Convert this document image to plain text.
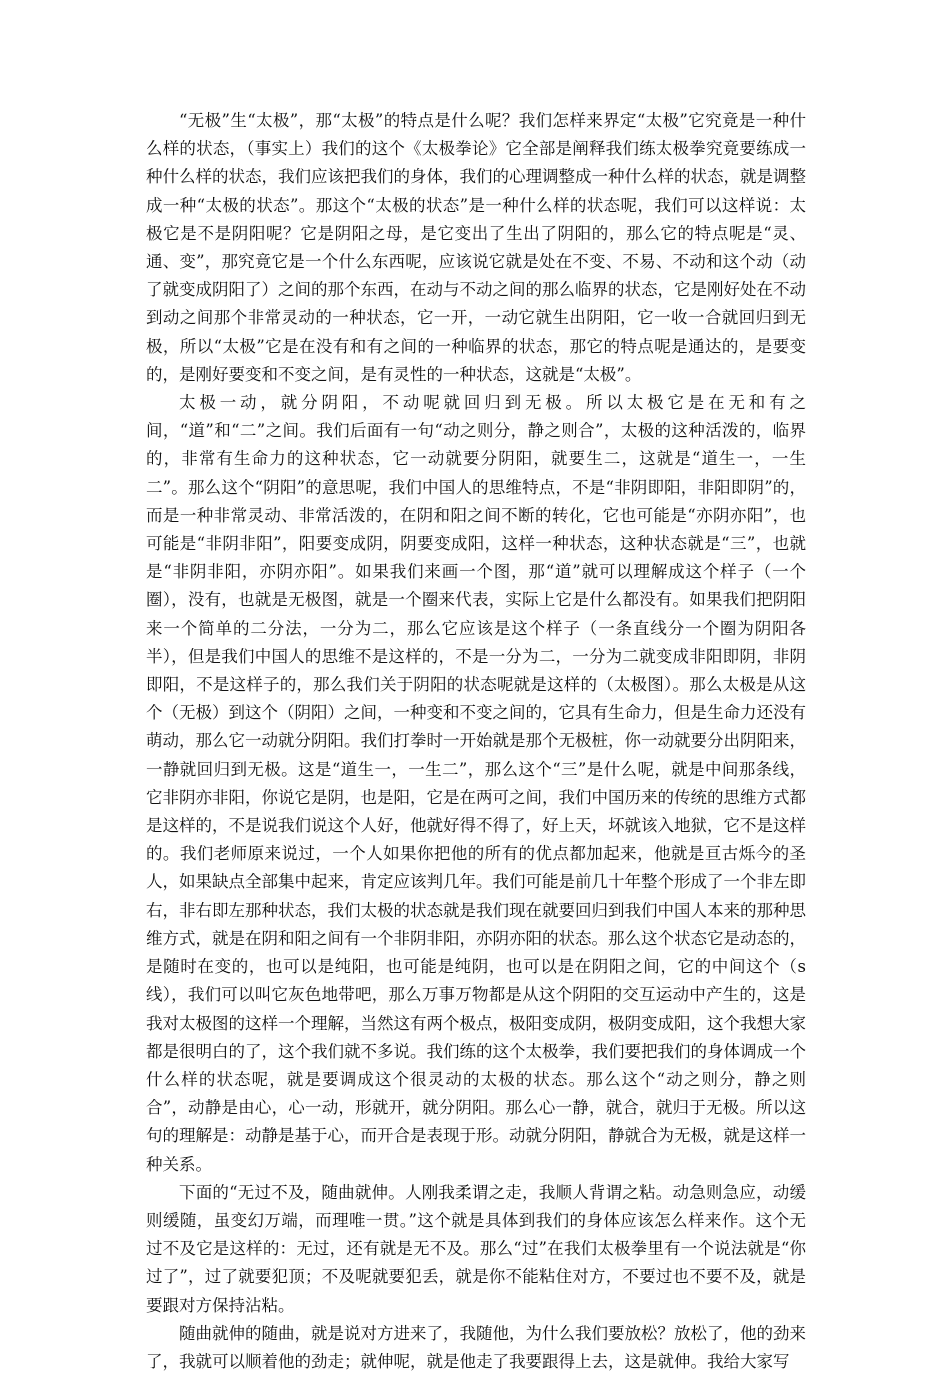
“无极”生“太极”，那“太极”的特点是什么呢？我们怎样来界定“太极”它究竟是一种什么样的状态，（事实上）我们的这个《太极拳论》它全部是阐释我们练太极拳究竟要练成一种什么样的状态，我们应该把我们的身体，我们的心理调整成一种什么样的状态，就是调整成一种“太极的状态”。那这个“太极的状态”是一种什么样的状态呢，我们可以这样说：太极它是不是阴阳呢？它是阴阳之母，是它变出了生出了阴阳的，那么它的特点呢是“灵、通、变”，那究竟它是一个什么东西呢，应该说它就是处在不变、不易、不动和这个动（动了就变成阴阳了）之间的那个东西，在动与不动之间的那么临界的状态，它是刚好处在不动到动之间那个非常灵动的一种状态，它一开，一动它就生出阴阳，它一收一合就回归到无极，所以“太极”它是在没有和有之间的一种临界的状态，那它的特点呢是通达的，是要变的，是刚好要变和不变之间，是有灵性的一种状态，这就是“太极”。

太极一动，就分阴阳，不动呢就回归到无极。所以太极它是在无和有之间，“道”和“二”之间。我们后面有一句“动之则分，静之则合”，太极的这种活泼的，临界的，非常有生命力的这种状态，它一动就要分阴阳，就要生二，这就是“道生一，一生二”。那么这个“阴阳”的意思呢，我们中国人的思维特点，不是“非阴即阳，非阳即阴”的，而是一种非常灵动、非常活泼的，在阴和阳之间不断的转化，它也可能是“亦阴亦阳”，也可能是“非阴非阳”，阳要变成阴，阴要变成阳，这样一种状态，这种状态就是“三”，也就是“非阴非阳，亦阴亦阳”。如果我们来画一个图，那“道”就可以理解成这个样子（一个圈），没有，也就是无极图，就是一个圈来代表，实际上它是什么都没有。如果我们把阴阳来一个简单的二分法，一分为二，那么它应该是这个样子（一条直线分一个圈为阴阳各半），但是我们中国人的思维不是这样的，不是一分为二，一分为二就变成非阳即阴，非阴即阳，不是这样子的，那么我们关于阴阳的状态呢就是这样的（太极图）。那么太极是从这个（无极）到这个（阴阳）之间，一种变和不变之间的，它具有生命力，但是生命力还没有萌动，那么它一动就分阴阳。我们打拳时一开始就是那个无极桩，你一动就要分出阴阳来，一静就回归到无极。这是“道生一，一生二”，那么这个“三”是什么呢，就是中间那条线，它非阴亦非阳，你说它是阴，也是阳，它是在两可之间，我们中国历来的传统的思维方式都是这样的，不是说我们说这个人好，他就好得不得了，好上天，坏就该入地狱，它不是这样的。我们老师原来说过，一个人如果你把他的所有的优点都加起来，他就是亘古烁今的圣人，如果缺点全部集中起来，肯定应该判几年。我们可能是前几十年整个形成了一个非左即右，非右即左那种状态，我们太极的状态就是我们现在就要回归到我们中国人本来的那种思维方式，就是在阴和阳之间有一个非阴非阳，亦阴亦阳的状态。那么这个状态它是动态的，是随时在变的，也可以是纯阳，也可能是纯阴，也可以是在阴阳之间，它的中间这个（s 线），我们可以叫它灰色地带吧，那么万事万物都是从这个阴阳的交互运动中产生的，这是我对太极图的这样一个理解，当然这有两个极点，极阳变成阴，极阴变成阳，这个我想大家都是很明白的了，这个我们就不多说。我们练的这个太极拳，我们要把我们的身体调成一个什么样的状态呢，就是要调成这个很灵动的太极的状态。那么这个“动之则分，静之则合”，动静是由心，心一动，形就开，就分阴阳。那么心一静，就合，就归于无极。所以这句的理解是：动静是基于心，而开合是表现于形。动就分阴阳，静就合为无极，就是这样一种关系。

下面的“无过不及，随曲就伸。人刚我柔谓之走，我顺人背谓之粘。动急则急应，动缓则缓随，虽变幻万端，而理唯一贯。”这个就是具体到我们的身体应该怎么样来作。这个无过不及它是这样的：无过，还有就是无不及。那么“过”在我们太极拳里有一个说法就是“你过了”，过了就要犯顶；不及呢就要犯丢，就是你不能粘住对方，不要过也不要不及，就是要跟对方保持沾粘。

随曲就伸的随曲，就是说对方进来了，我随他，为什么我们要放松？放松了，他的劲来了，我就可以顺着他的劲走；就伸呢，就是他走了我要跟得上去，这是就伸。我给大家写
